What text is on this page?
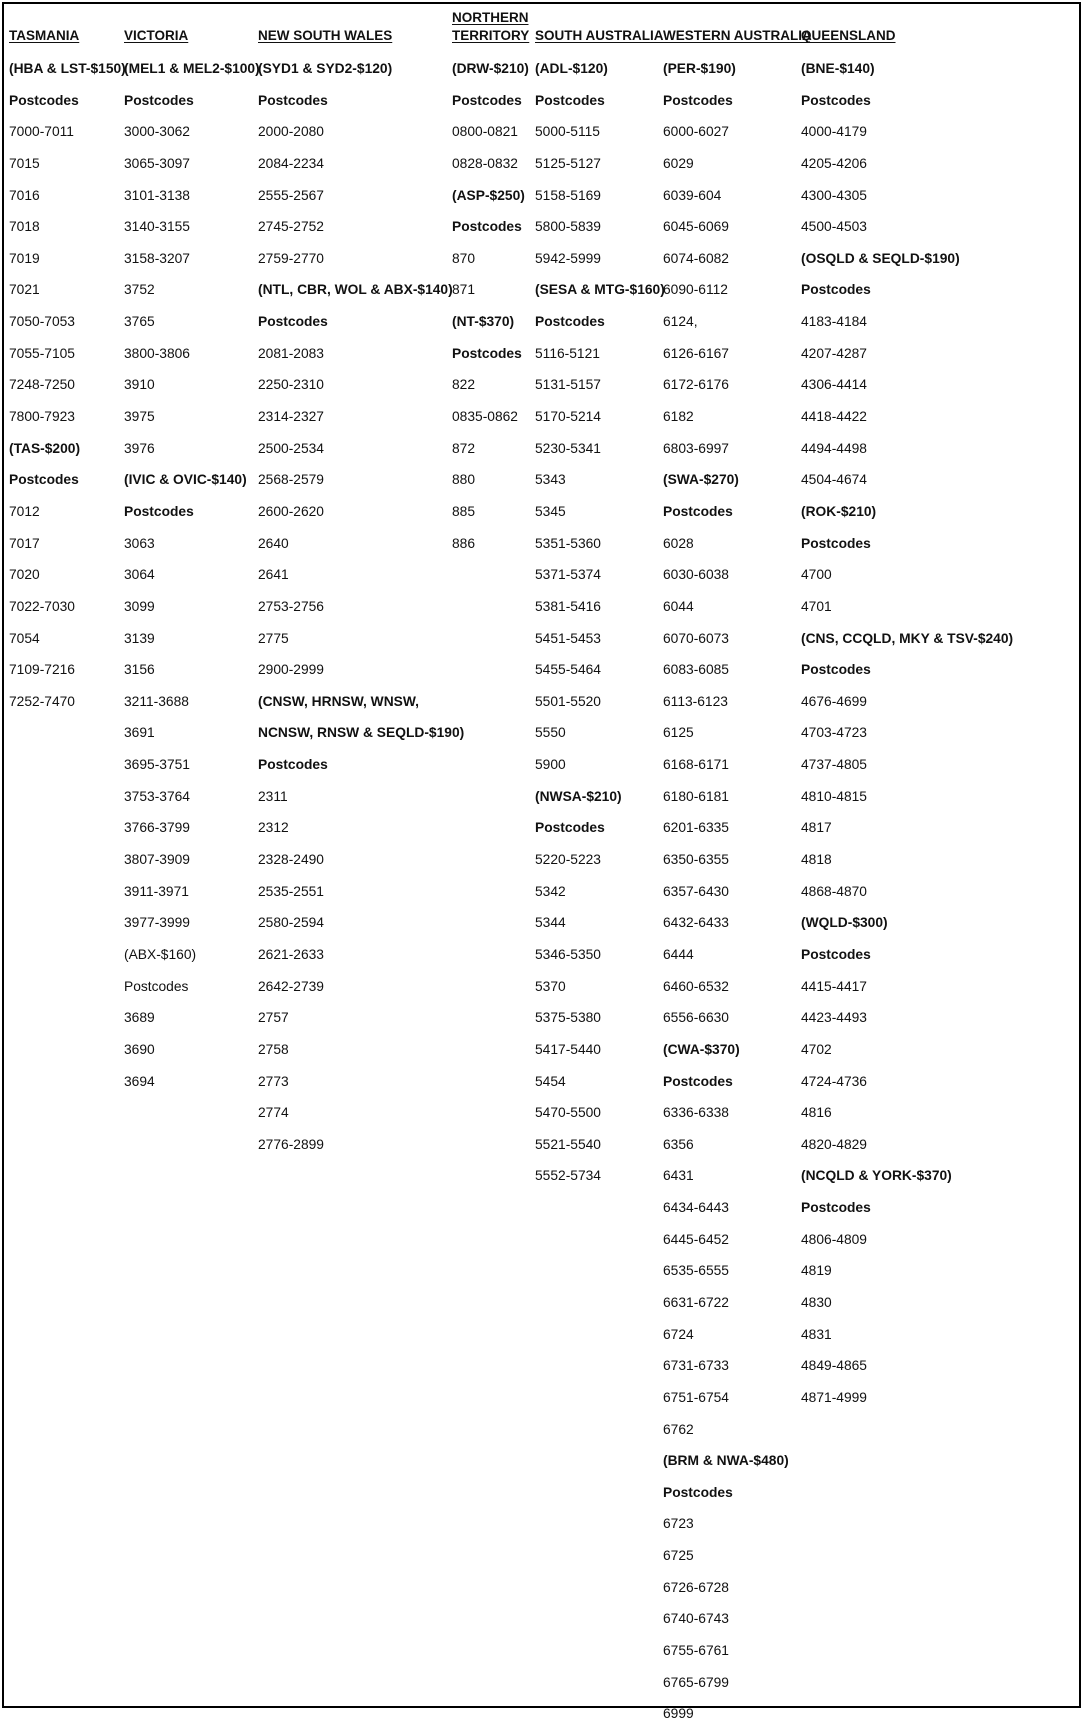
TASMANIA
(HBA & LST-$150)
Postcodes
7000-7011
7015
7016
7018
7019
7021
7050-7053
7055-7105
7248-7250
7800-7923
(TAS-$200)
Postcodes
7012
7017
7020
7022-7030
7054
7109-7216
7252-7470
VICTORIA
(MEL1 & MEL2-$100)
Postcodes
3000-3062
3065-3097
3101-3138
3140-3155
3158-3207
3752
3765
3800-3806
3910
3975
3976
(IVIC & OVIC-$140)
Postcodes
3063
3064
3099
3139
3156
3211-3688
3691
3695-3751
3753-3764
3766-3799
3807-3909
3911-3971
3977-3999
(ABX-$160)
Postcodes
3689
3690
3694
NEW SOUTH WALES
(SYD1 & SYD2-$120)
Postcodes
2000-2080
2084-2234
2555-2567
2745-2752
2759-2770
(NTL, CBR, WOL & ABX-$140)
Postcodes
2081-2083
2250-2310
2314-2327
2500-2534
2568-2579
2600-2620
2640
2641
2753-2756
2775
2900-2999
(CNSW, HRNSW, WNSW,
NCNSW, RNSW & SEQLD-$190)
Postcodes
2311
2312
2328-2490
2535-2551
2580-2594
2621-2633
2642-2739
2757
2758
2773
2774
2776-2899
NORTHERN
TERRITORY
(DRW-$210)
Postcodes
0800-0821
0828-0832
(ASP-$250)
Postcodes
870
871
(NT-$370)
Postcodes
822
0835-0862
872
880
885
886
SOUTH AUSTRALIA
(ADL-$120)
Postcodes
5000-5115
5125-5127
5158-5169
5800-5839
5942-5999
(SESA & MTG-$160)
Postcodes
5116-5121
5131-5157
5170-5214
5230-5341
5343
5345
5351-5360
5371-5374
5381-5416
5451-5453
5455-5464
5501-5520
5550
5900
(NWSA-$210)
Postcodes
5220-5223
5342
5344
5346-5350
5370
5375-5380
5417-5440
5454
5470-5500
5521-5540
5552-5734
WESTERN AUSTRALIA
(PER-$190)
Postcodes
6000-6027
6029
6039-604
6045-6069
6074-6082
6090-6112
6124,
6126-6167
6172-6176
6182
6803-6997
(SWA-$270)
Postcodes
6028
6030-6038
6044
6070-6073
6083-6085
6113-6123
6125
6168-6171
6180-6181
6201-6335
6350-6355
6357-6430
6432-6433
6444
6460-6532
6556-6630
(CWA-$370)
Postcodes
6336-6338
6356
6431
6434-6443
6445-6452
6535-6555
6631-6722
6724
6731-6733
6751-6754
6762
(BRM & NWA-$480)
Postcodes
6723
6725
6726-6728
6740-6743
6755-6761
6765-6799
6999
QUEENSLAND
(BNE-$140)
Postcodes
4000-4179
4205-4206
4300-4305
4500-4503
(OSQLD & SEQLD-$190)
Postcodes
4183-4184
4207-4287
4306-4414
4418-4422
4494-4498
4504-4674
(ROK-$210)
Postcodes
4700
4701
(CNS, CCQLD, MKY & TSV-$240)
Postcodes
4676-4699
4703-4723
4737-4805
4810-4815
4817
4818
4868-4870
(WQLD-$300)
Postcodes
4415-4417
4423-4493
4702
4724-4736
4816
4820-4829
(NCQLD & YORK-$370)
Postcodes
4806-4809
4819
4830
4831
4849-4865
4871-4999
